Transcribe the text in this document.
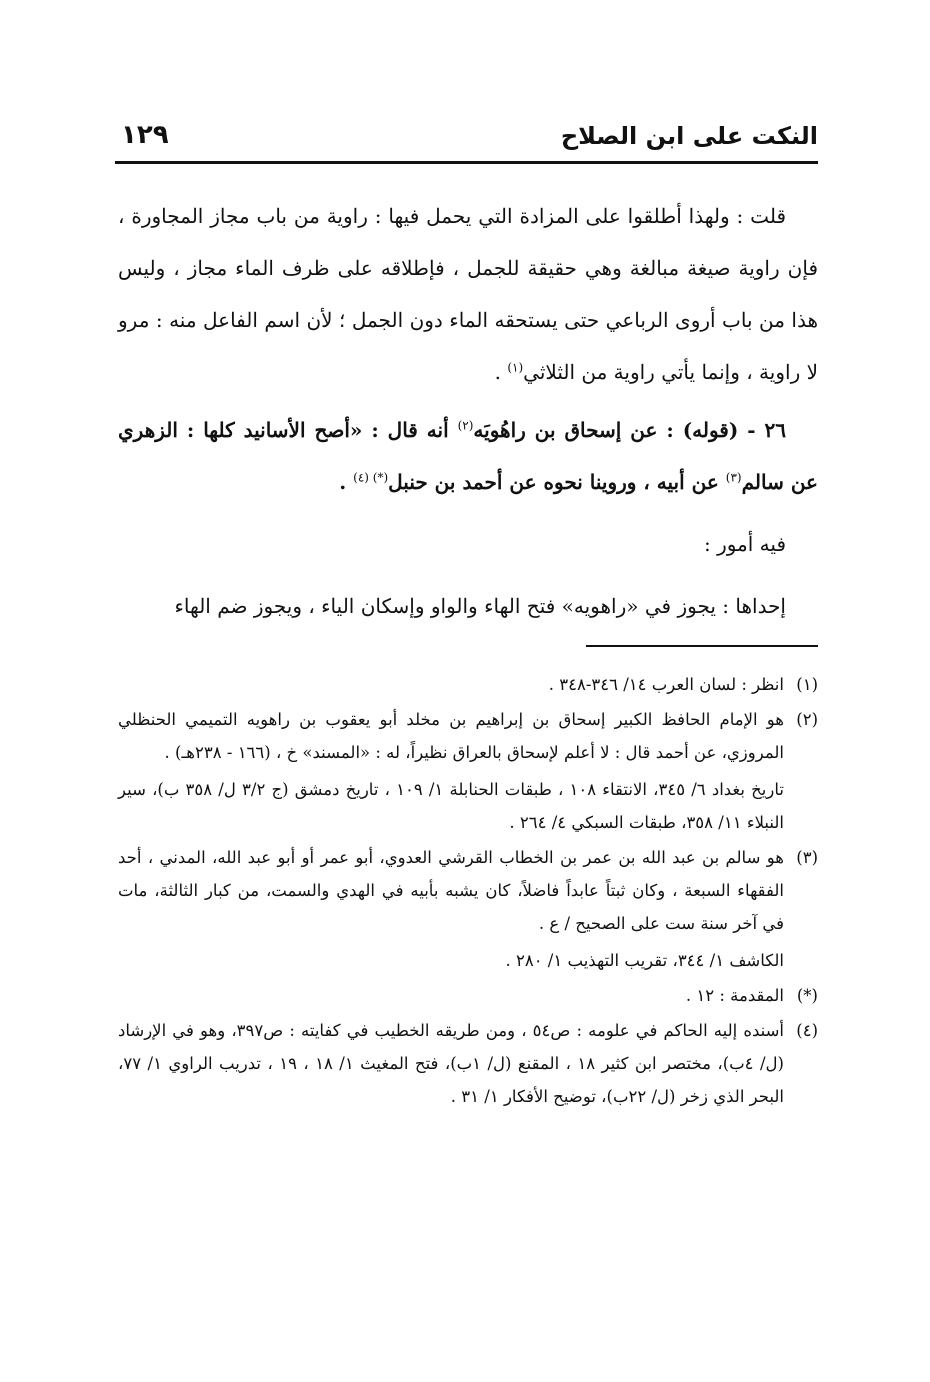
النكت على ابن الصلاح
١٢٩

قلت : ولهذا أطلقوا على المزادة التي يحمل فيها : راوية من باب مجاز المجاورة ، فإن راوية صيغة مبالغة وهي حقيقة للجمل ، فإطلاقه على ظرف الماء مجاز ، وليس هذا من باب أروى الرباعي حتى يستحقه الماء دون الجمل ؛ لأن اسم الفاعل منه : مرو لا راوية ، وإنما يأتي راوية من الثلاثي$^{(١)}$ .

٢٦ - (قوله) : عن إسحاق بن راهُويَه$^{(٢)}$ أنه قال : «أصح الأسانيد كلها : الزهري عن سالم$^{(٣)}$ عن أبيه ، وروينا نحوه عن أحمد بن حنبل$^{(*) (٤)}$ .

فيه أمور :

إحداها : يجوز في «راهويه» فتح الهاء والواو وإسكان الياء ، ويجوز ضم الهاء

(١)
انظر : لسان العرب ١٤/ ٣٤٦-٣٤٨ .
(٢)
هو الإمام الحافظ الكبير إسحاق بن إبراهيم بن مخلد أبو يعقوب بن راهويه التميمي الحنظلي المروزي، عن أحمد قال : لا أعلم لإسحاق بالعراق نظيراً، له : «المسند» خ ، (١٦٦ - ٢٣٨هـ) .
تاريخ بغداد ٦/ ٣٤٥، الانتقاء ١٠٨ ، طبقات الحنابلة ١/ ١٠٩ ، تاريخ دمشق (ج ٣/٢ ل/ ٣٥٨ ب)، سير النبلاء ١١/ ٣٥٨، طبقات السبكي ٤/ ٢٦٤ .
(٣)
هو سالم بن عبد الله بن عمر بن الخطاب القرشي العدوي، أبو عمر أو أبو عبد الله، المدني ، أحد الفقهاء السبعة ، وكان ثبتاً عابداً فاضلاً، كان يشبه بأبيه في الهدي والسمت، من كبار الثالثة، مات في آخر سنة ست على الصحيح / ع .
الكاشف ١/ ٣٤٤، تقريب التهذيب ١/ ٢٨٠ .
(*)
المقدمة : ١٢ .
(٤)
أسنده إليه الحاكم في علومه : ص٥٤ ، ومن طريقه الخطيب في كفايته : ص٣٩٧، وهو في الإرشاد (ل/ ٤ب)، مختصر ابن كثير ١٨ ، المقنع (ل/ ١ب)، فتح المغيث ١/ ١٨ ، ١٩ ، تدريب الراوي ١/ ٧٧، البحر الذي زخر (ل/ ٢٢ب)، توضيح الأفكار ١/ ٣١ .
